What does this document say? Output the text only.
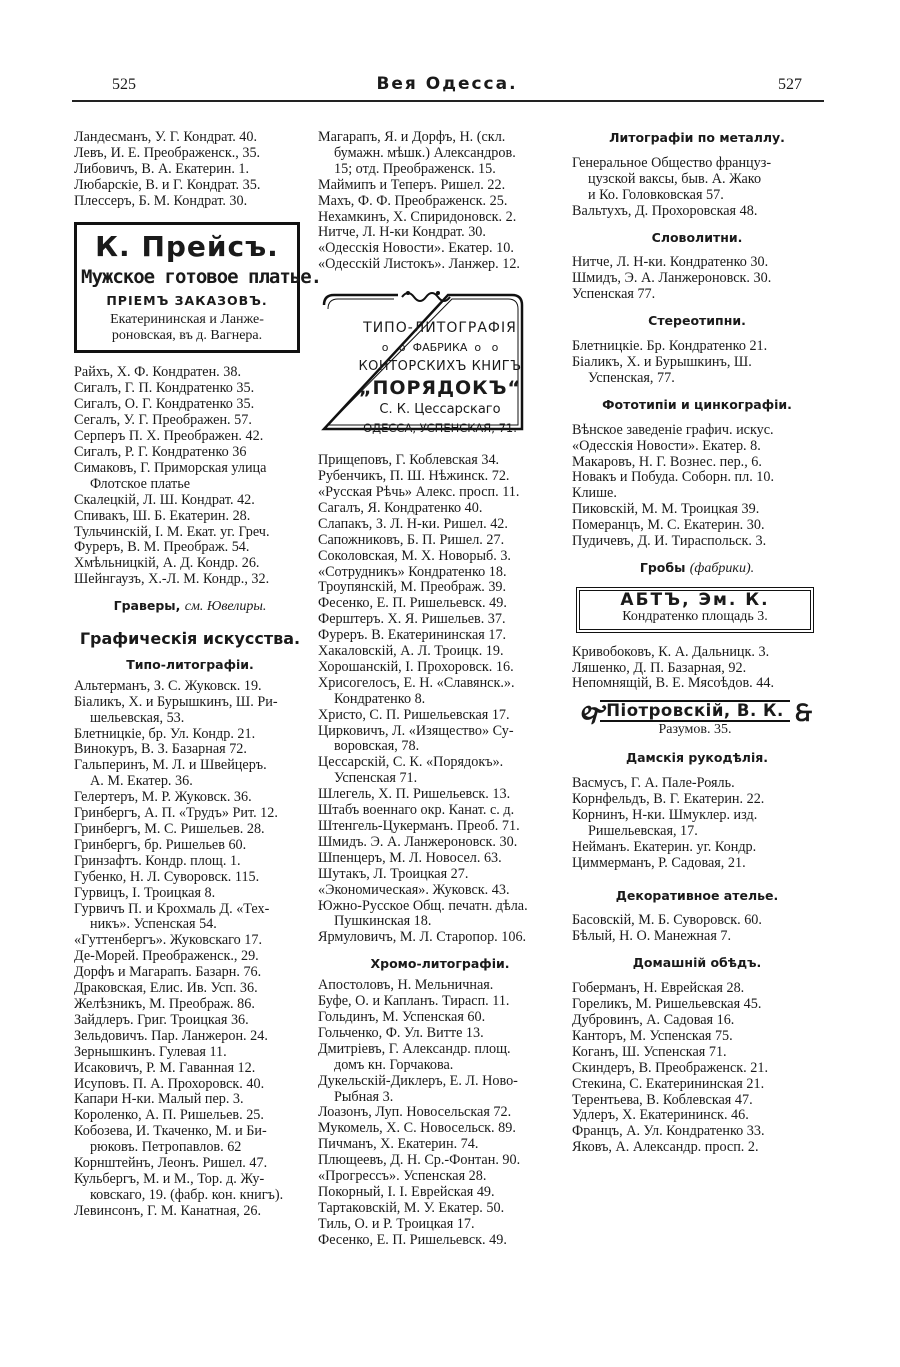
525	Вея Одесса.	527
Ландесманъ, У. Г. Кондрат. 40.
Левъ, И. Е. Преображенск., 35.
Либовичъ, В. А. Екатерин. 1.
Любарскіе, В. и Г. Кондрат. 35.
Плессеръ, Б. М. Кондрат. 30.
К. Прейсъ.
Мужское готовое платье.
ПРІЕМЪ ЗАКАЗОВЪ.
Екатерининская и Ланже-
роновская, въ д. Вагнера.
Райхъ, Х. Ф. Кондратен. 38.
Сигалъ, Г. П. Кондратенко 35.
Сигалъ, О. Г. Кондратенко 35.
Сегалъ, У. Г. Преображен. 57.
Серперъ П. Х. Преображен. 42.
Сигалъ, Р. Г. Кондратенко 36
Симаковъ, Г. Приморская улица
Флотское платье
Скалецкій, Л. Ш. Кондрат. 42.
Спивакъ, Ш. Б. Екатерин. 28.
Тульчинскій, І. М. Екат. уг. Греч.
Фуреръ, В. М. Преображ. 54.
Хмѣльницкій, А. Д. Кондр. 26.
Шейнгаузъ, Х.-Л. М. Кондр., 32.
Граверы, см. Ювелиры.
Графическія искусства.
Типо-литографіи.
Альтерманъ, З. С. Жуковск. 19.
Біаликъ, Х. и Бурышкинъ, Ш. Ри-
шельевская, 53.
Блетницкіе, бр. Ул. Кондр. 21.
Винокуръ, В. З. Базарная 72.
Гальперинъ, М. Л. и Швейцеръ.
А. М. Екатер. 36.
Гелертеръ, М. Р. Жуковск. 36.
Гринбергъ, А. П. «Трудъ» Рит. 12.
Гринбергъ, М. С. Ришельев. 28.
Гринбергъ, бр. Ришельев 60.
Гринзафтъ. Кондр. площ. 1.
Губенко, Н. Л. Суворовск. 115.
Гурвицъ, І. Троицкая 8.
Гурвичъ П. и Крохмаль Д. «Тех-
никъ». Успенская 54.
«Гуттенбергъ». Жуковскаго 17.
Де-Морей. Преображенск., 29.
Дорфъ и Магарапъ. Базарн. 76.
Драковская, Елис. Ив. Усп. 36.
Желѣзникъ, М. Преображ. 86.
Зайдлеръ. Григ. Троицкая 36.
Зельдовичъ. Пар. Ланжерон. 24.
Зернышкинъ. Гулевая 11.
Исаковичъ, Р. М. Гаванная 12.
Исуповъ. П. А. Прохоровск. 40.
Капари Н-ки. Малый пер. 3.
Короленко, А. П. Ришельев. 25.
Кобозева, И. Ткаченко, М. и Би-
рюковъ. Петропавлов. 62
Корнштейнъ, Леонъ. Ришел. 47.
Кульбергъ, М. и М., Тор. д. Жу-
ковскаго, 19. (фабр. кон. книгъ).
Левинсонъ, Г. М. Канатная, 26.
Магарапъ, Я. и Дорфъ, Н. (скл.
бумажн. мѣшк.) Александров.
15; отд. Преображенск. 15.
Маймипъ и Теперъ. Ришел. 22.
Махъ, Ф. Ф. Преображенск. 25.
Нехамкинъ, Х. Спиридоновск. 2.
Нитче, Л. Н-ки Кондрат. 30.
«Одесскія Новости». Екатер. 10.
«Одесскій Листокъ». Ланжер. 12.
ТИПО-ЛИТОГРАФІЯ
о   о  ФАБРИКА  о   о
КОНТОРСКИХЪ КНИГЪ
„ПОРЯДОКЪ“
С. К. Цессарскаго
ОДЕССА, УСПЕНСКАЯ, 71.
Прищеповъ, Г. Коблевская 34.
Рубенчикъ, П. Ш. Нѣжинск. 72.
«Русская Рѣчь» Алекс. просп. 11.
Сагалъ, Я. Кондратенко 40.
Слапакъ, З. Л. Н-ки. Ришел. 42.
Сапожниковъ, Б. П. Ришел. 27.
Соколовская, М. Х. Новорыб. 3.
«Сотрудникъ» Кондратенко 18.
Троупянскій, М. Преображ. 39.
Фесенко, Е. П. Ришельевск. 49.
Ферштеръ. Х. Я. Ришельев. 37.
Фуреръ. В. Екатерининская 17.
Хакаловскій, А. Л. Троицк. 19.
Хорошанскій, І. Прохоровск. 16.
Хрисогелосъ, Е. Н. «Славянск.».
Кондратенко 8.
Христо, С. П. Ришельевская 17.
Цирковичъ, Л. «Изящество» Су-
воровская, 78.
Цессарскій, С. К. «Порядокъ».
Успенская 71.
Шлегель, Х. П. Ришельевск. 13.
Штабъ военнаго окр. Канат. с. д.
Штенгель-Цукерманъ. Преоб. 71.
Шмидъ. Э. А. Ланжероновск. 30.
Шпенцеръ, М. Л. Новосел. 63.
Шутакъ, Л. Троицкая 27.
«Экономическая». Жуковск. 43.
Южно-Русское Общ. печатн. дѣла.
Пушкинская 18.
Ярмуловичъ, М. Л. Старопор. 106.
Хромо-литографіи.
Апостоловъ, Н. Мельничная.
Буфе, О. и Капланъ. Тирасп. 11.
Гольдинъ, М. Успенская 60.
Гольченко, Ф. Ул. Витте 13.
Дмитріевъ, Г. Александр. площ.
домъ кн. Горчакова.
Дукельскій-Диклеръ, Е. Л. Ново-
Рыбная 3.
Лоазонъ, Луп. Новосельская 72.
Мукомель, Х. С. Новосельск. 89.
Пичманъ, Х. Екатерин. 74.
Плющеевъ, Д. Н. Ср.-Фонтан. 90.
«Прогрессъ». Успенская 28.
Покорный, І. І. Еврейская 49.
Тартаковскій, М. У. Екатер. 50.
Тиль, О. и Р. Троицкая 17.
Фесенко, Е. П. Ришельевск. 49.
Литографіи по металлу.
Генеральное Общество француз-
цузской ваксы, быв. А. Жако
и Ко. Головковская 57.
Вальтухъ, Д. Прохоровская 48.
Словолитни.
Нитче, Л. Н-ки. Кондратенко 30.
Шмидъ, Э. А. Ланжероновск. 30.
Успенская 77.
Стереотипни.
Блетницкіе. Бр. Кондратенко 21.
Біаликъ, Х. и Бурышкинъ, Ш.
Успенская, 77.
Фототипіи и цинкографіи.
Вѣнское заведеніе графич. искус.
«Одесскія Новости». Екатер. 8.
Макаровъ, Н. Г. Вознес. пер., 6.
Новакъ и Побуда. Соборн. пл. 10.
Клише.
Пиковскій, М. М. Троицкая 39.
Померанцъ, М. С. Екатерин. 30.
Пудичевъ, Д. И. Тираспольск. 3.
Гробы (фабрики).
АБТЪ, Эм. К.
Кондратенко площадь 3.
Кривобоковъ, К. А. Дальницк. 3.
Ляшенко, Д. П. Базарная, 92.
Непомнящій, В. Е. Мясоѣдов. 44.
🙰
Піотровскій, В. К. 🙲
Разумов. 35.
Дамскія рукодѣлія.
Васмусъ, Г. А. Пале-Рояль.
Корнфельдъ, В. Г. Екатерин. 22.
Корнинъ, Н-ки. Шмуклер. изд.
Ришельевская, 17.
Нейманъ. Екатерин. уг. Кондр.
Циммерманъ, Р. Садовая, 21.
Декоративное ателье.
Басовскій, М. Б. Суворовск. 60.
Бѣлый, Н. О. Манежная 7.
Домашній обѣдъ.
Гоберманъ, Н. Еврейская 28.
Гореликъ, М. Ришельевская 45.
Дубровинъ, А. Садовая 16.
Канторъ, М. Успенская 75.
Коганъ, Ш. Успенская 71.
Скиндеръ, В. Преображенск. 21.
Стекина, С. Екатерининская 21.
Терентьева, В. Коблевская 47.
Удлеръ, Х. Екатерининск. 46.
Францъ, А. Ул. Кондратенко 33.
Яковъ, А. Александр. просп. 2.
